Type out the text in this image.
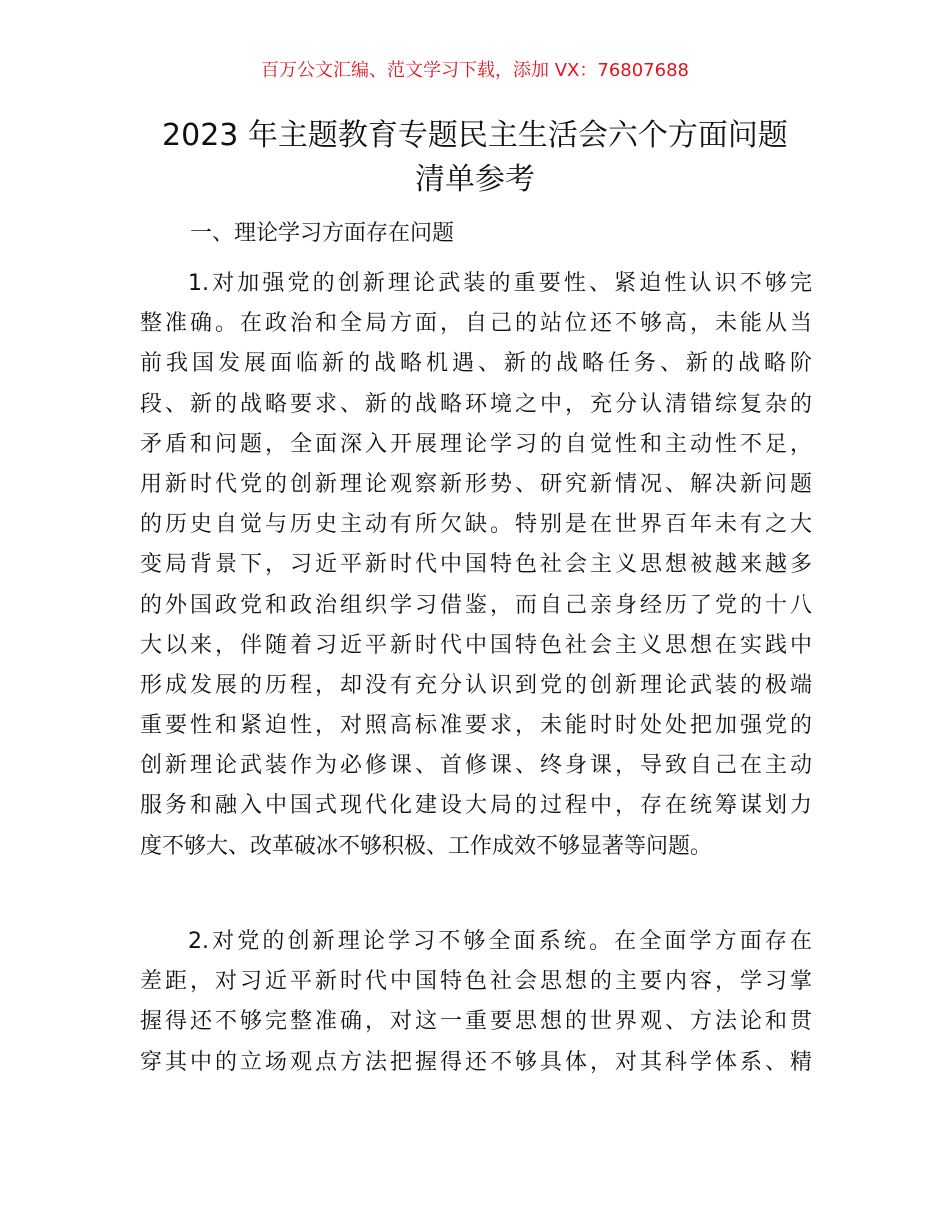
百万公文汇编、范文学习下载，添加 VX：76807688
2023 年主题教育专题民主生活会六个方面问题
清单参考
一、理论学习方面存在问题
1.对加强党的创新理论武装的重要性、紧迫性认识不够完
整准确。在政治和全局方面，自己的站位还不够高，未能从当
前我国发展面临新的战略机遇、新的战略任务、新的战略阶
段、新的战略要求、新的战略环境之中，充分认清错综复杂的
矛盾和问题，全面深入开展理论学习的自觉性和主动性不足，
用新时代党的创新理论观察新形势、研究新情况、解决新问题
的历史自觉与历史主动有所欠缺。特别是在世界百年未有之大
变局背景下，习近平新时代中国特色社会主义思想被越来越多
的外国政党和政治组织学习借鉴，而自己亲身经历了党的十八
大以来，伴随着习近平新时代中国特色社会主义思想在实践中
形成发展的历程，却没有充分认识到党的创新理论武装的极端
重要性和紧迫性，对照高标准要求，未能时时处处把加强党的
创新理论武装作为必修课、首修课、终身课，导致自己在主动
服务和融入中国式现代化建设大局的过程中，存在统筹谋划力
度不够大、改革破冰不够积极、工作成效不够显著等问题。
2.对党的创新理论学习不够全面系统。在全面学方面存在
差距，对习近平新时代中国特色社会思想的主要内容，学习掌
握得还不够完整准确，对这一重要思想的世界观、方法论和贯
穿其中的立场观点方法把握得还不够具体，对其科学体系、精
